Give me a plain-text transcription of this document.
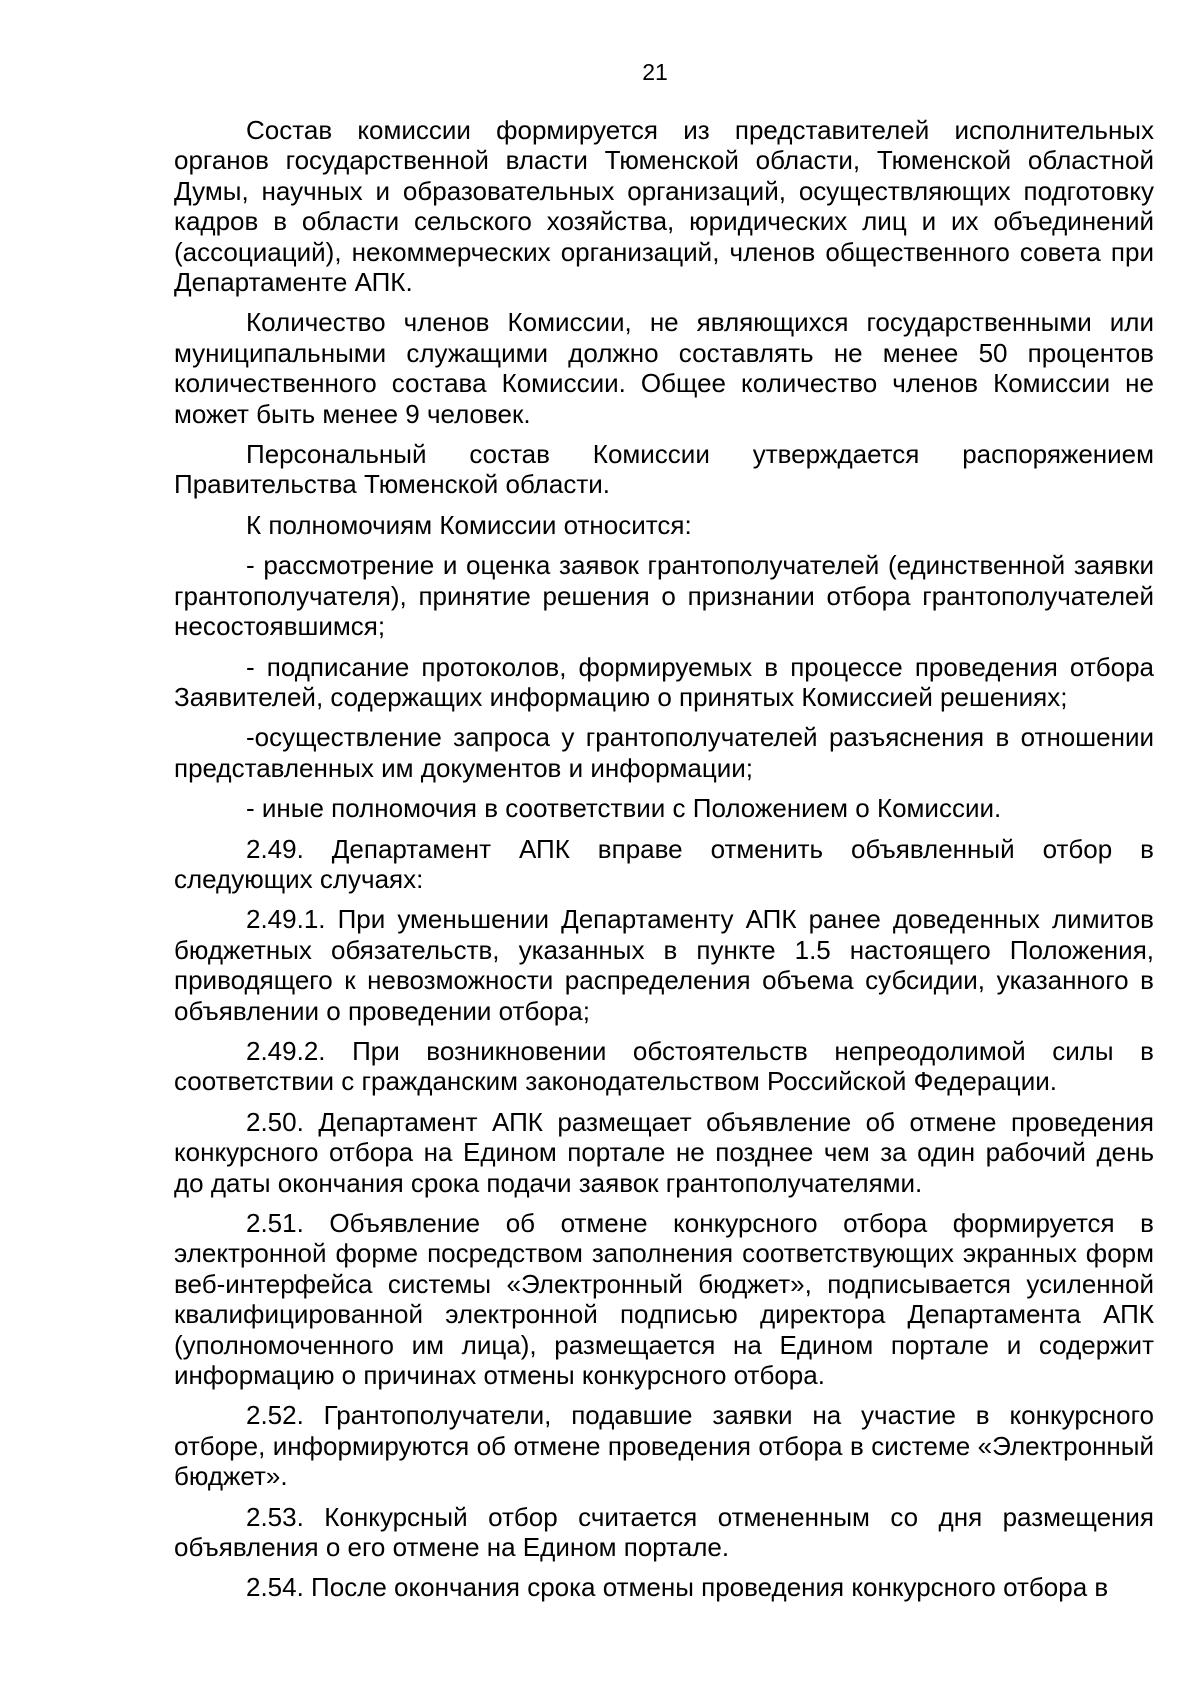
21

Состав комиссии формируется из представителей исполнительных органов государственной власти Тюменской области, Тюменской областной Думы, научных и образовательных организаций, осуществляющих подготовку кадров в области сельского хозяйства, юридических лиц и их объединений (ассоциаций), некоммерческих организаций, членов общественного совета при Департаменте АПК.

Количество членов Комиссии, не являющихся государственными или муниципальными служащими должно составлять не менее 50 процентов количественного состава Комиссии. Общее количество членов Комиссии не может быть менее 9 человек.

Персональный состав Комиссии утверждается распоряжением Правительства Тюменской области.

К полномочиям Комиссии относится:

- рассмотрение и оценка заявок грантополучателей (единственной заявки грантополучателя), принятие решения о признании отбора грантополучателей несостоявшимся;

- подписание протоколов, формируемых в процессе проведения отбора Заявителей, содержащих информацию о принятых Комиссией решениях;

-осуществление запроса у грантополучателей разъяснения в отношении представленных им документов и информации;

- иные полномочия в соответствии с Положением о Комиссии.

2.49. Департамент АПК вправе отменить объявленный отбор в следующих случаях:

2.49.1. При уменьшении Департаменту АПК ранее доведенных лимитов бюджетных обязательств, указанных в пункте 1.5 настоящего Положения, приводящего к невозможности распределения объема субсидии, указанного в объявлении о проведении отбора;

2.49.2. При возникновении обстоятельств непреодолимой силы в соответствии с гражданским законодательством Российской Федерации.

2.50. Департамент АПК размещает объявление об отмене проведения конкурсного отбора на Едином портале не позднее чем за один рабочий день до даты окончания срока подачи заявок грантополучателями.

2.51. Объявление об отмене конкурсного отбора формируется в электронной форме посредством заполнения соответствующих экранных форм веб-интерфейса системы «Электронный бюджет», подписывается усиленной квалифицированной электронной подписью директора Департамента АПК (уполномоченного им лица), размещается на Едином портале и содержит информацию о причинах отмены конкурсного отбора.

2.52. Грантополучатели, подавшие заявки на участие в конкурсного отборе, информируются об отмене проведения отбора в системе «Электронный бюджет».

2.53. Конкурсный отбор считается отмененным со дня размещения объявления о его отмене на Едином портале.

2.54. После окончания срока отмены проведения конкурсного отбора в
